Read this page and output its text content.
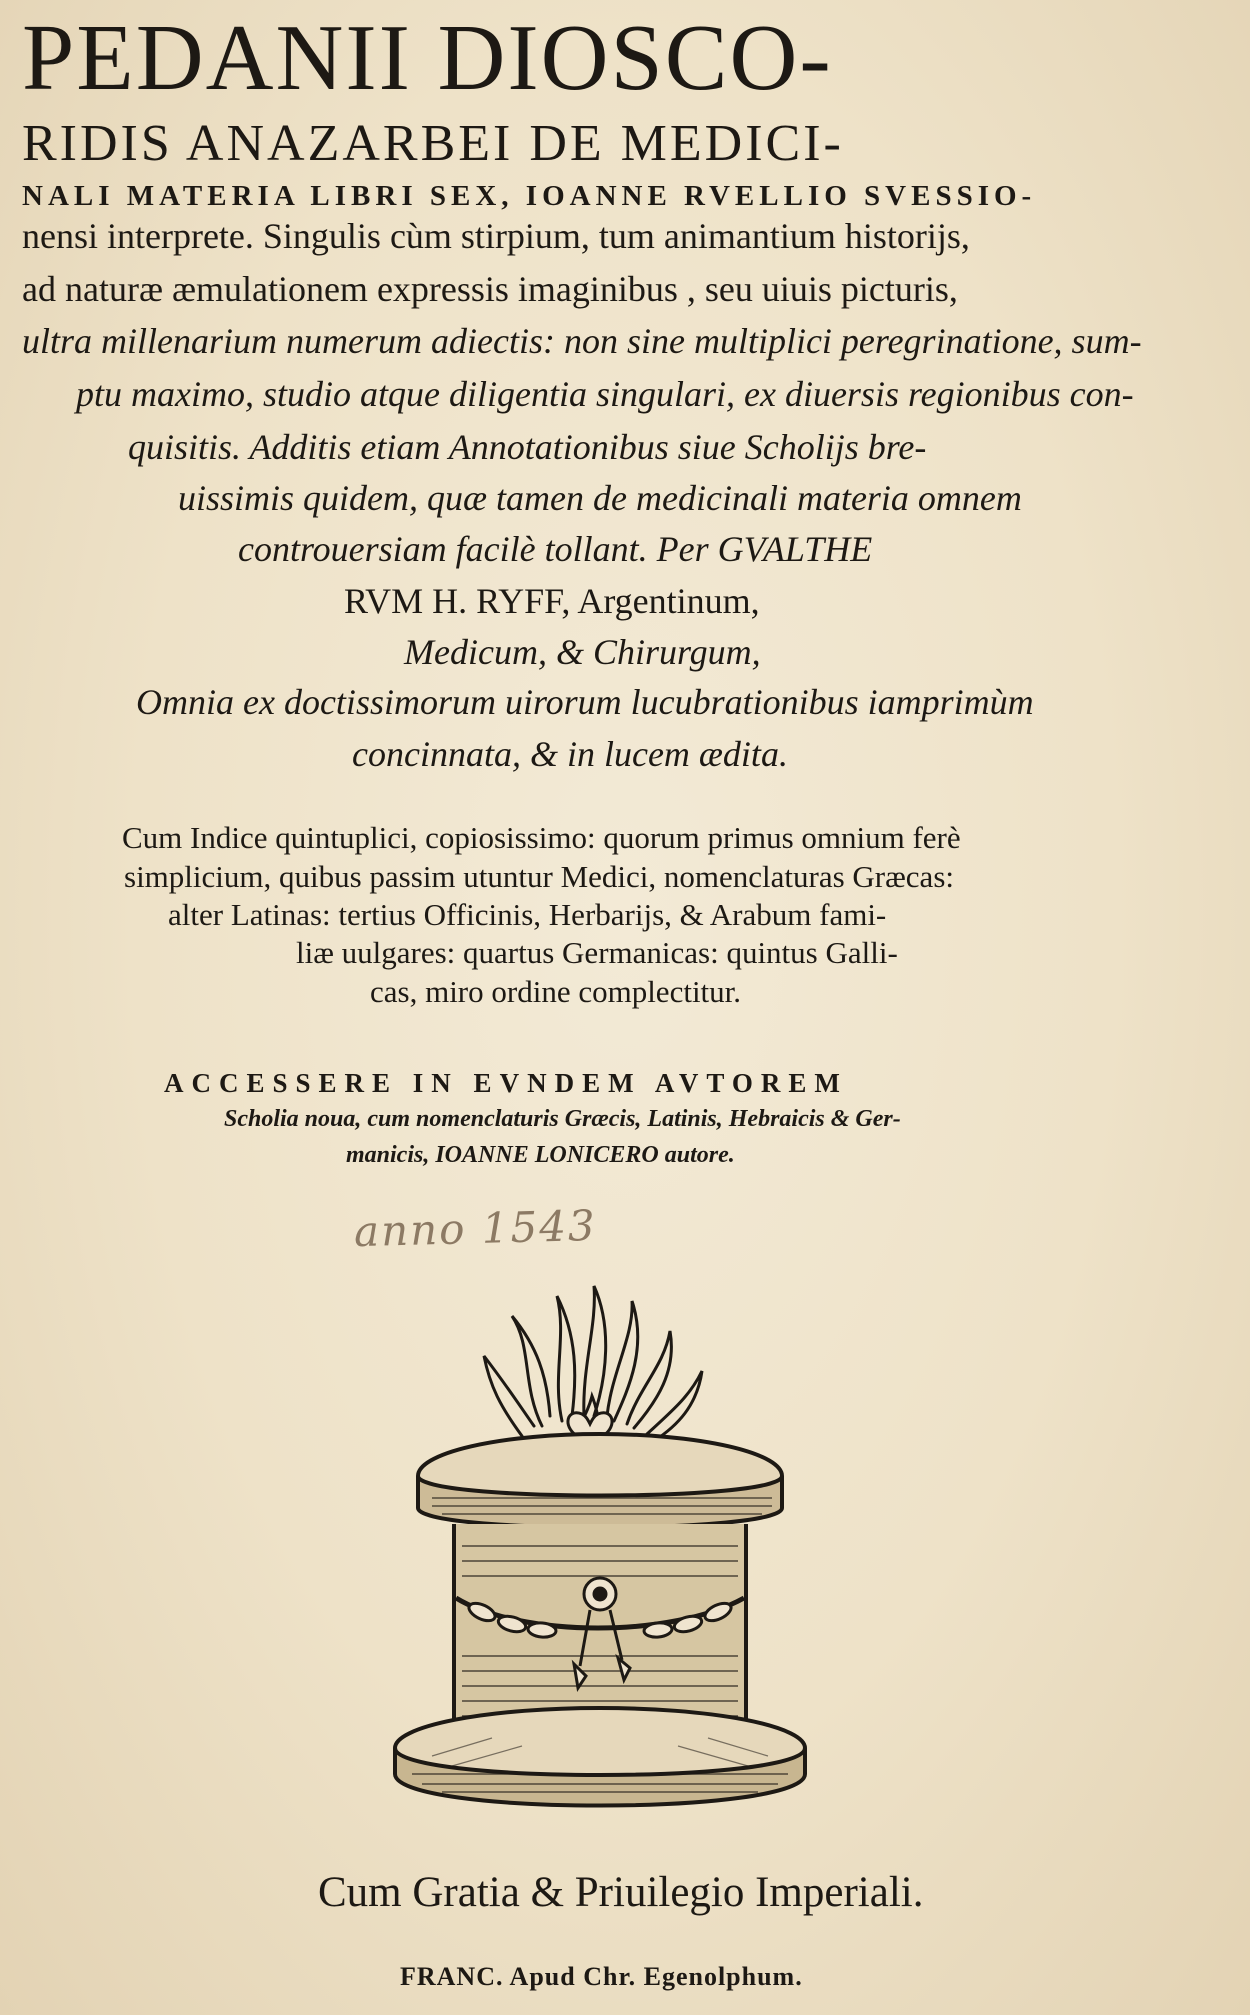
PEDANII DIOSCO-
RIDIS ANAZARBEI DE MEDICI-
NALI MATERIA LIBRI SEX, IOANNE RVELLIO SVESSIO-
nensi interprete. Singulis cùm stirpium, tum animantium historijs,
ad naturæ æmulationem expressis imaginibus , seu uiuis picturis,
ultra millenarium numerum adiectis: non sine multiplici peregrinatione, sum-
ptu maximo, studio atque diligentia singulari, ex diuersis regionibus con-
quisitis. Additis etiam Annotationibus siue Scholijs bre-
uissimis quidem, quæ tamen de medicinali materia omnem
controuersiam facilè tollant. Per GVALTHE
RVM H. RYFF, Argentinum,
Medicum, & Chirurgum,
Omnia ex doctissimorum uirorum lucubrationibus iamprimùm
concinnata, & in lucem ædita.
Cum Indice quintuplici, copiosissimo: quorum primus omnium ferè
simplicium, quibus passim utuntur Medici, nomenclaturas Græcas:
alter Latinas: tertius Officinis, Herbarijs, & Arabum fami-
liæ uulgares: quartus Germanicas: quintus Galli-
cas, miro ordine complectitur.
ACCESSERE IN EVNDEM AVTOREM
Scholia noua, cum nomenclaturis Græcis, Latinis, Hebraicis & Ger-
manicis, IOANNE LONICERO autore.
anno 1543
Cum Gratia & Priuilegio Imperiali.
FRANC. Apud Chr. Egenolphum.
